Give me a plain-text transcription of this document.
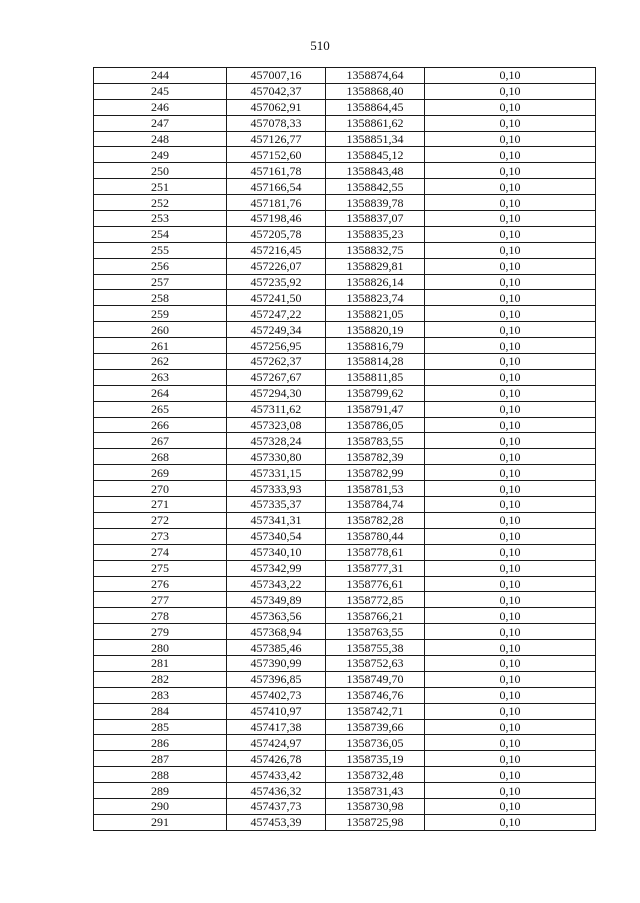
510
244	457007,16	1358874,64	0,10
245	457042,37	1358868,40	0,10
246	457062,91	1358864,45	0,10
247	457078,33	1358861,62	0,10
248	457126,77	1358851,34	0,10
249	457152,60	1358845,12	0,10
250	457161,78	1358843,48	0,10
251	457166,54	1358842,55	0,10
252	457181,76	1358839,78	0,10
253	457198,46	1358837,07	0,10
254	457205,78	1358835,23	0,10
255	457216,45	1358832,75	0,10
256	457226,07	1358829,81	0,10
257	457235,92	1358826,14	0,10
258	457241,50	1358823,74	0,10
259	457247,22	1358821,05	0,10
260	457249,34	1358820,19	0,10
261	457256,95	1358816,79	0,10
262	457262,37	1358814,28	0,10
263	457267,67	1358811,85	0,10
264	457294,30	1358799,62	0,10
265	457311,62	1358791,47	0,10
266	457323,08	1358786,05	0,10
267	457328,24	1358783,55	0,10
268	457330,80	1358782,39	0,10
269	457331,15	1358782,99	0,10
270	457333,93	1358781,53	0,10
271	457335,37	1358784,74	0,10
272	457341,31	1358782,28	0,10
273	457340,54	1358780,44	0,10
274	457340,10	1358778,61	0,10
275	457342,99	1358777,31	0,10
276	457343,22	1358776,61	0,10
277	457349,89	1358772,85	0,10
278	457363,56	1358766,21	0,10
279	457368,94	1358763,55	0,10
280	457385,46	1358755,38	0,10
281	457390,99	1358752,63	0,10
282	457396,85	1358749,70	0,10
283	457402,73	1358746,76	0,10
284	457410,97	1358742,71	0,10
285	457417,38	1358739,66	0,10
286	457424,97	1358736,05	0,10
287	457426,78	1358735,19	0,10
288	457433,42	1358732,48	0,10
289	457436,32	1358731,43	0,10
290	457437,73	1358730,98	0,10
291	457453,39	1358725,98	0,10
